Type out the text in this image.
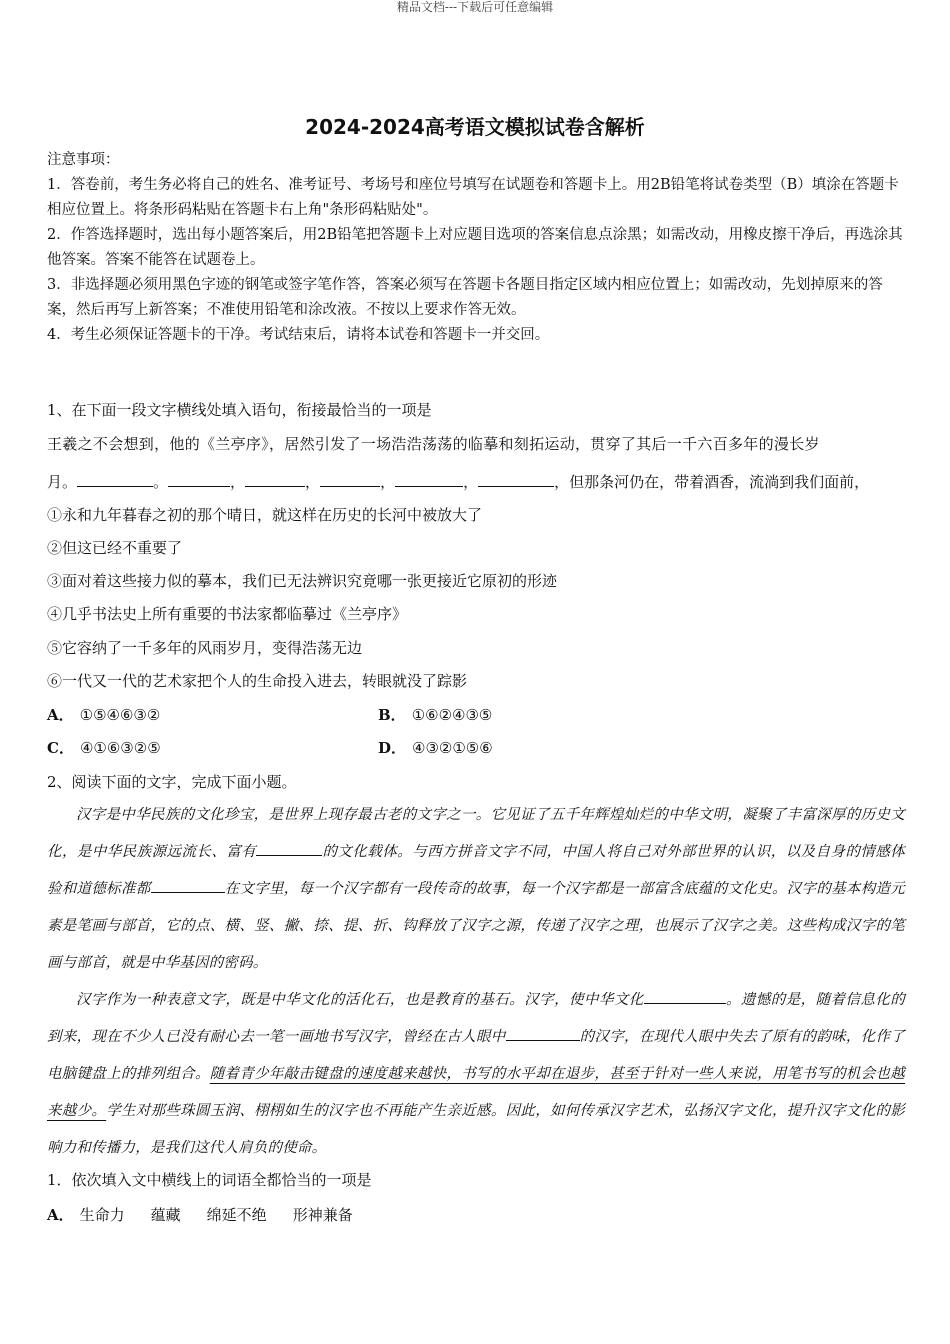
精品文档---下载后可任意编辑
2024-2024高考语文模拟试卷含解析

注意事项：

1．答卷前，考生务必将自己的姓名、准考证号、考场号和座位号填写在试题卷和答题卡上。用2B铅笔将试卷类型（B）填涂在答题卡相应位置上。将条形码粘贴在答题卡右上角"条形码粘贴处"。

2．作答选择题时，选出每小题答案后，用2B铅笔把答题卡上对应题目选项的答案信息点涂黑；如需改动，用橡皮擦干净后，再选涂其他答案。答案不能答在试题卷上。

3．非选择题必须用黑色字迹的钢笔或签字笔作答，答案必须写在答题卡各题目指定区域内相应位置上；如需改动，先划掉原来的答案，然后再写上新答案；不准使用铅笔和涂改液。不按以上要求作答无效。

4．考生必须保证答题卡的干净。考试结束后，请将本试卷和答题卡一并交回。

1、在下面一段文字横线处填入语句，衔接最恰当的一项是
王羲之不会想到，他的《兰亭序》，居然引发了一场浩浩荡荡的临摹和刻拓运动，贯穿了其后一千六百多年的漫长岁
月。	。	，	，	，	，	，但那条河仍在，带着酒香，流淌到我们面前，
①永和九年暮春之初的那个晴日，就这样在历史的长河中被放大了
②但这已经不重要了
③面对着这些接力似的摹本，我们已无法辨识究竟哪一张更接近它原初的形迹
④几乎书法史上所有重要的书法家都临摹过《兰亭序》
⑤它容纳了一千多年的风雨岁月，变得浩荡无边
⑥一代又一代的艺术家把个人的生命投入进去，转眼就没了踪影
A． ①⑤④⑥③②	B． ①⑥②④③⑤
C． ④①⑥③②⑤	D． ④③②①⑤⑥
2、阅读下面的文字，完成下面小题。

汉字是中华民族的文化珍宝，是世界上现存最古老的文字之一。它见证了五千年辉煌灿烂的中华文明，凝聚了丰富深厚的历史文化，是中华民族源远流长、富有	的文化载体。与西方拼音文字不同，中国人将自己对外部世界的认识，以及自身的情感体验和道德标准都	在文字里，每一个汉字都有一段传奇的故事，每一个汉字都是一部富含底蕴的文化史。汉字的基本构造元素是笔画与部首，它的点、横、竖、撇、捺、提、折、钩释放了汉字之源，传递了汉字之理，也展示了汉字之美。这些构成汉字的笔画与部首，就是中华基因的密码。

汉字作为一种表意文字，既是中华文化的活化石，也是教育的基石。汉字，使中华文化	。遗憾的是，随着信息化的到来，现在不少人已没有耐心去一笔一画地书写汉字，曾经在古人眼中	的汉字，在现代人眼中失去了原有的韵味，化作了电脑键盘上的排列组合。随着青少年敲击键盘的速度越来越快，书写的水平却在退步，甚至于针对一些人来说，用笔书写的机会也越来越少。学生对那些珠圆玉润、栩栩如生的汉字也不再能产生亲近感。因此，如何传承汉字艺术，弘扬汉字文化，提升汉字文化的影响力和传播力，是我们这代人肩负的使命。

1．依次填入文中横线上的词语全都恰当的一项是
A． 生命力 蕴藏 绵延不绝 形神兼备
